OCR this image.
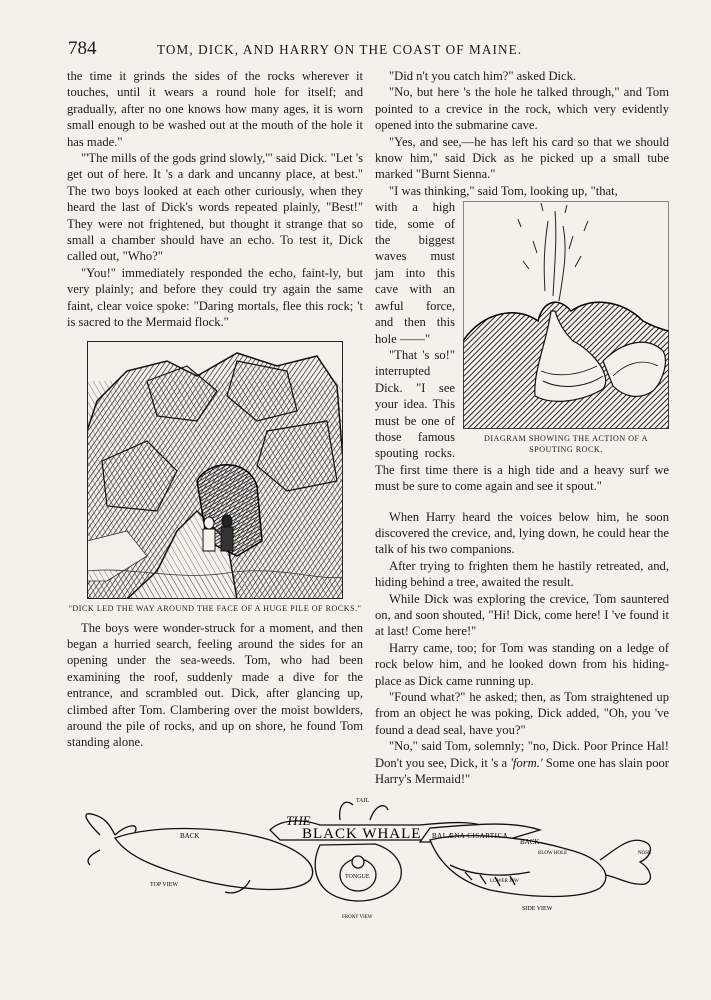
784	TOM, DICK, AND HARRY ON THE COAST OF MAINE.

the time it grinds the sides of the rocks wherever it touches, until it wears a round hole for itself; and gradually, after no one knows how many ages, it is worn small enough to be washed out at the mouth of the hole it has made."

"'The mills of the gods grind slowly,'" said Dick. "Let 's get out of here. It 's a dark and uncanny place, at best." The two boys looked at each other curiously, when they heard the last of Dick's words repeated plainly, "Best!" They were not frightened, but thought it strange that so small a chamber should have an echo. To test it, Dick called out, "Who?"

"You!" immediately responded the echo, faint-ly, but very plainly; and before they could try again the same faint, clear voice spoke: "Daring mortals, flee this rock; 't is sacred to the Mermaid flock."

"DICK LED THE WAY AROUND THE FACE OF A HUGE PILE OF ROCKS."

The boys were wonder-struck for a moment, and then began a hurried search, feeling around the sides for an opening under the sea-weeds. Tom, who had been examining the roof, suddenly made a dive for the entrance, and scrambled out. Dick, after glancing up, climbed after Tom. Clambering over the moist bowlders, around the pile of rocks, and up on shore, he found Tom standing alone.

"Did n't you catch him?" asked Dick.

"No, but here 's the hole he talked through," and Tom pointed to a crevice in the rock, which very evidently opened into the submarine cave.

"Yes, and see,—he has left his card so that we should know him," said Dick as he picked up a small tube marked "Burnt Sienna."

"I was thinking," said Tom, looking up, "that,

DIAGRAM SHOWING THE ACTION OF A SPOUTING ROCK.

with a high tide, some of the biggest waves must jam into this cave with an awful force, and then this hole ——"

"That 's so!" interrupted Dick. "I see your idea. This must be one of those famous spouting rocks. The first time there is a high tide and a heavy surf we must be sure to come again and see it spout."

When Harry heard the voices below him, he soon discovered the crevice, and, lying down, he could hear the talk of his two companions.

After trying to frighten them he hastily retreated, and, hiding behind a tree, awaited the result.

While Dick was exploring the crevice, Tom sauntered on, and soon shouted, "Hi! Dick, come here! I 've found it at last! Come here!"

Harry came, too; for Tom was standing on a ledge of rock below him, and he looked down from his hiding-place as Dick came running up.

"Found what?" he asked; then, as Tom straightened up from an object he was poking, Dick added, "Oh, you 've found a dead seal, have you?"

"No," said Tom, solemnly; "no, Dick. Poor Prince Hal! Don't you see, Dick, it 's a 'form.' Some one has slain poor Harry's Mermaid!"

THE
BLACK WHALE
TAIL
BALÆNA CISARTICA
BACK
BACK
TOP VIEW
SIDE VIEW
FRONT VIEW
TONGUE
BLOW HOLE
LOWER JAW
NOSE
